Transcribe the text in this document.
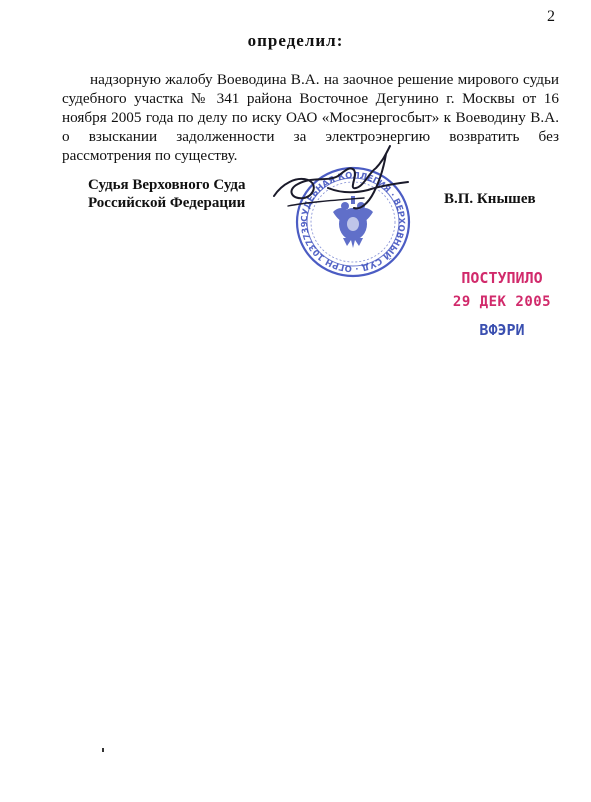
2
определил:

надзорную жалобу Воеводина В.А. на заочное решение мирового судьи судебного участка № 341 района Восточное Дегунино г. Москвы от 16 ноября 2005 года по делу по иску ОАО «Мосэнергосбыт» к Воеводину В.А. о взыскании задолженности за электроэнергию возвратить без рассмотрения по существу.

Судья Верховного Суда
Российской Федерации	В.П. Кнышев
СУДЕБНАЯ КОЛЛЕГИЯ · ВЕРХОВНЫЙ СУД · ОГРН 1037739
ПОСТУПИЛО
29 ДЕК 2005
ВФЭРИ
